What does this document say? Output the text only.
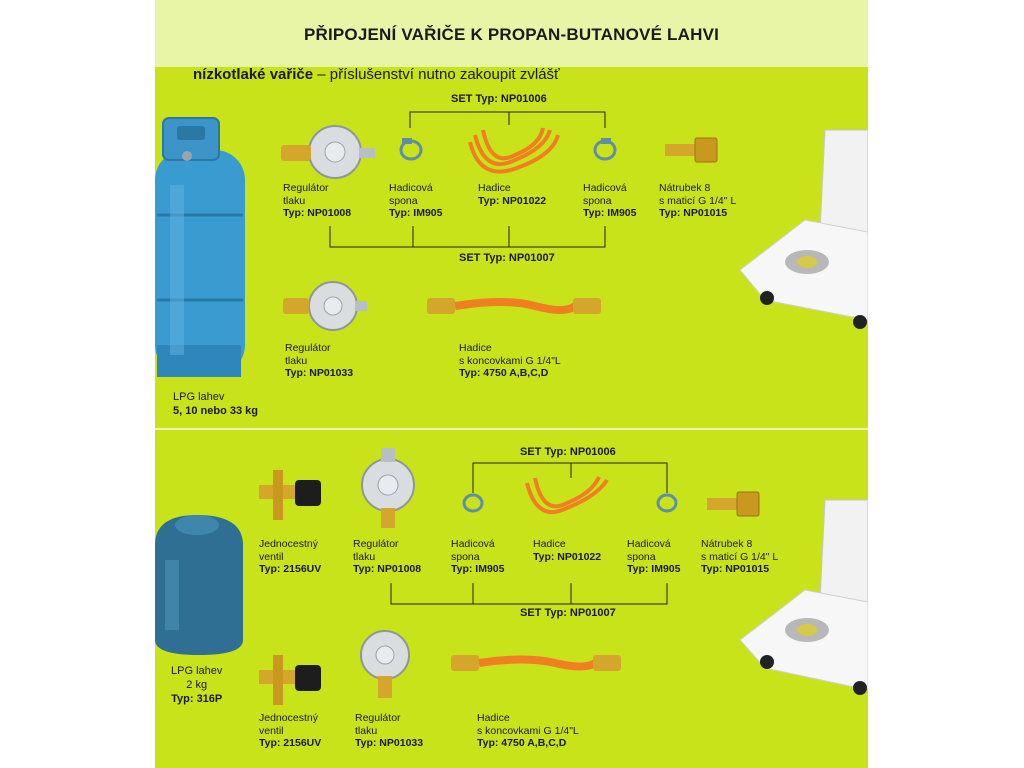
PŘIPOJENÍ VAŘIČE K PROPAN-BUTANOVÉ LAHVI
nízkotlaké vařiče – příslušenství nutno zakoupit zvlášť
SET Typ: NP01006
SET Typ: NP01007
Regulátor
tlaku
Typ: NP01008
Hadicová
spona
Typ: IM905
Hadice
Typ: NP01022
Hadicová
spona
Typ: IM905
Nátrubek 8
s maticí G 1/4" L
Typ: NP01015
Regulátor
tlaku
Typ: NP01033
Hadice
s koncovkami G 1/4"L
Typ: 4750 A,B,C,D
LPG lahev
5, 10 nebo 33 kg
SET Typ: NP01006
SET Typ: NP01007
Jednocestný
ventil
Typ: 2156UV
Regulátor
tlaku
Typ: NP01008
Hadicová
spona
Typ: IM905
Hadice
Typ: NP01022
Hadicová
spona
Typ: IM905
Nátrubek 8
s maticí G 1/4" L
Typ: NP01015
Jednocestný
ventil
Typ: 2156UV
Regulátor
tlaku
Typ: NP01033
Hadice
s koncovkami G 1/4"L
Typ: 4750 A,B,C,D
LPG lahev
2 kg
Typ: 316P
